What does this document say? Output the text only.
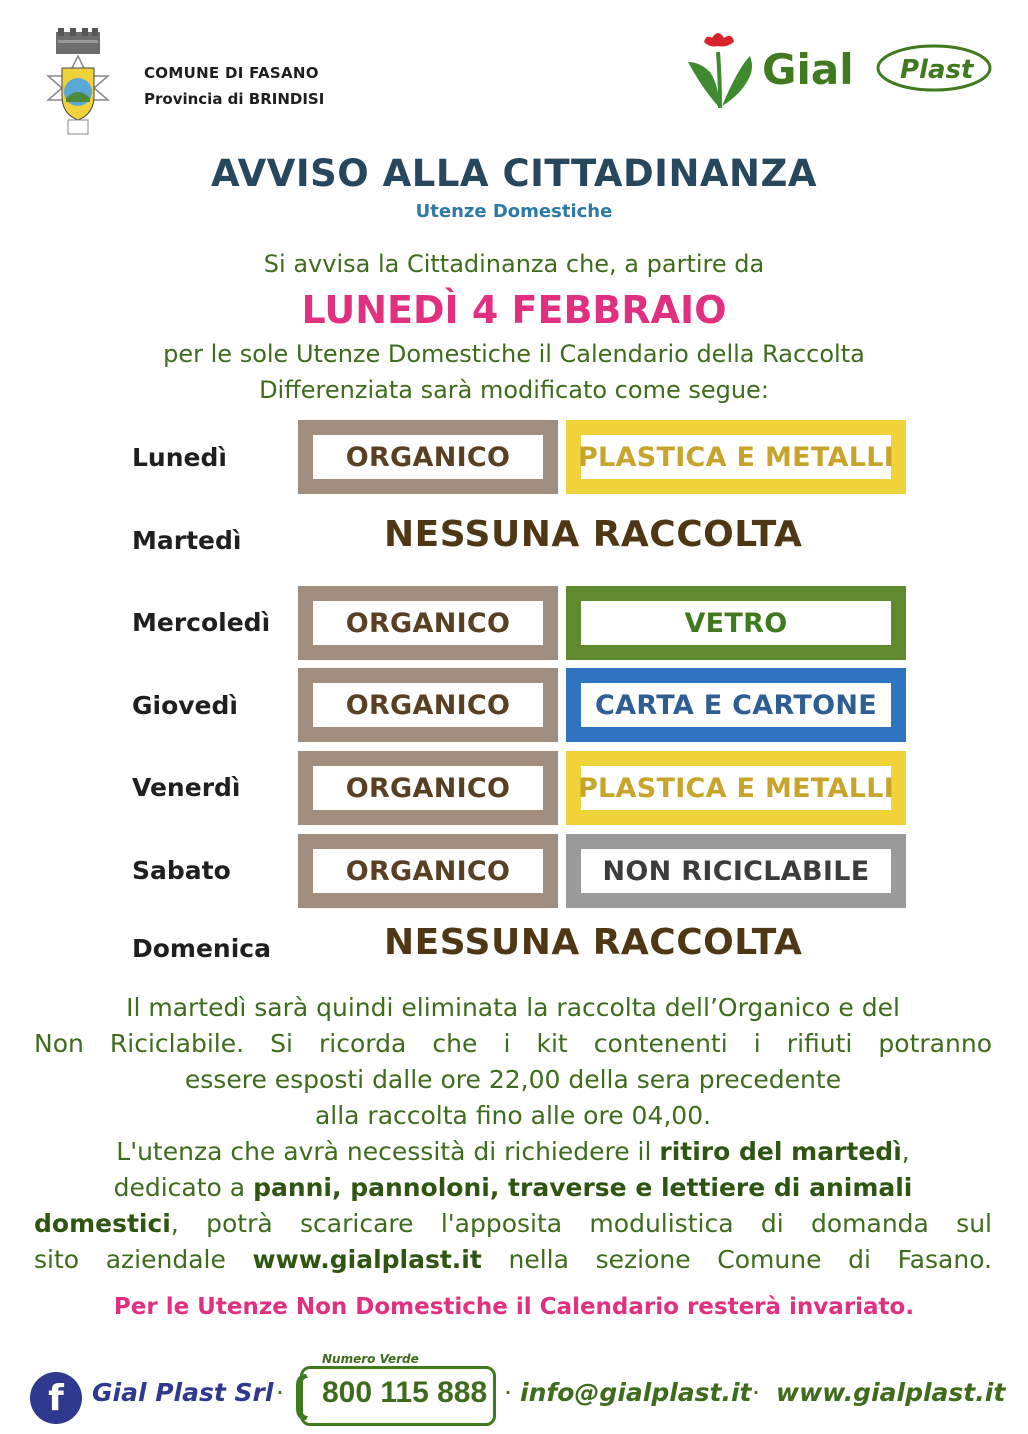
COMUNE DI FASANO
Provincia di BRINDISI
Gial Plast
AVVISO ALLA CITTADINANZA
Utenze Domestiche
Si avvisa la Cittadinanza che, a partire da
LUNEDÌ 4 FEBBRAIO
per le sole Utenze Domestiche il Calendario della Raccolta
Differenziata sarà modificato come segue:
Lunedì	ORGANICO	PLASTICA E METALLI
Martedì	NESSUNA RACCOLTA
Mercoledì	ORGANICO	VETRO
Giovedì	ORGANICO	CARTA E CARTONE
Venerdì	ORGANICO	PLASTICA E METALLI
Sabato	ORGANICO	NON RICICLABILE
Domenica	NESSUNA RACCOLTA
Il martedì sarà quindi eliminata la raccolta dell’Organico e del
Non Riciclabile. Si ricorda che i kit contenenti i rifiuti potranno
essere esposti dalle ore 22,00 della sera precedente
alla raccolta fino alle ore 04,00.
L'utenza che avrà necessità di richiedere il ritiro del martedì,
dedicato a panni, pannoloni, traverse e lettiere di animali
domestici, potrà scaricare l'apposita modulistica di domanda sul
sito aziendale www.gialplast.it nella sezione Comune di Fasano.
Per le Utenze Non Domestiche il Calendario resterà invariato.
f	Gial Plast Srl ·
Numero Verde
800 115 888 · info@gialplast.it · www.gialplast.it
